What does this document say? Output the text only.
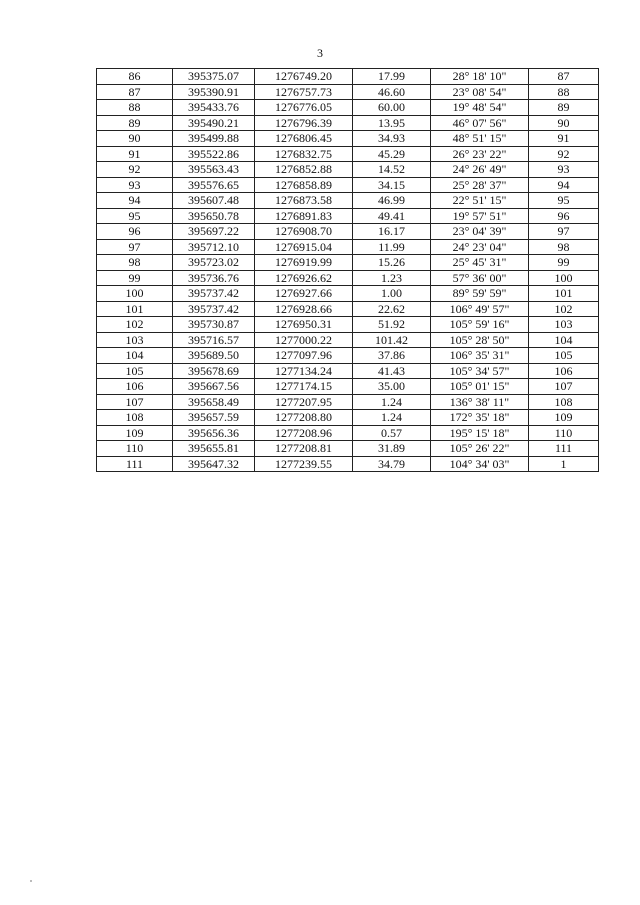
3
86	395375.07	1276749.20	17.99	28° 18' 10"	87
87	395390.91	1276757.73	46.60	23° 08' 54"	88
88	395433.76	1276776.05	60.00	19° 48' 54"	89
89	395490.21	1276796.39	13.95	46° 07' 56"	90
90	395499.88	1276806.45	34.93	48° 51' 15"	91
91	395522.86	1276832.75	45.29	26° 23' 22"	92
92	395563.43	1276852.88	14.52	24° 26' 49"	93
93	395576.65	1276858.89	34.15	25° 28' 37"	94
94	395607.48	1276873.58	46.99	22° 51' 15"	95
95	395650.78	1276891.83	49.41	19° 57' 51"	96
96	395697.22	1276908.70	16.17	23° 04' 39"	97
97	395712.10	1276915.04	11.99	24° 23' 04"	98
98	395723.02	1276919.99	15.26	25° 45' 31"	99
99	395736.76	1276926.62	1.23	57° 36' 00"	100
100	395737.42	1276927.66	1.00	89° 59' 59"	101
101	395737.42	1276928.66	22.62	106° 49' 57"	102
102	395730.87	1276950.31	51.92	105° 59' 16"	103
103	395716.57	1277000.22	101.42	105° 28' 50"	104
104	395689.50	1277097.96	37.86	106° 35' 31"	105
105	395678.69	1277134.24	41.43	105° 34' 57"	106
106	395667.56	1277174.15	35.00	105° 01' 15"	107
107	395658.49	1277207.95	1.24	136° 38' 11"	108
108	395657.59	1277208.80	1.24	172° 35' 18"	109
109	395656.36	1277208.96	0.57	195° 15' 18"	110
110	395655.81	1277208.81	31.89	105° 26' 22"	111
111	395647.32	1277239.55	34.79	104° 34' 03"	1
